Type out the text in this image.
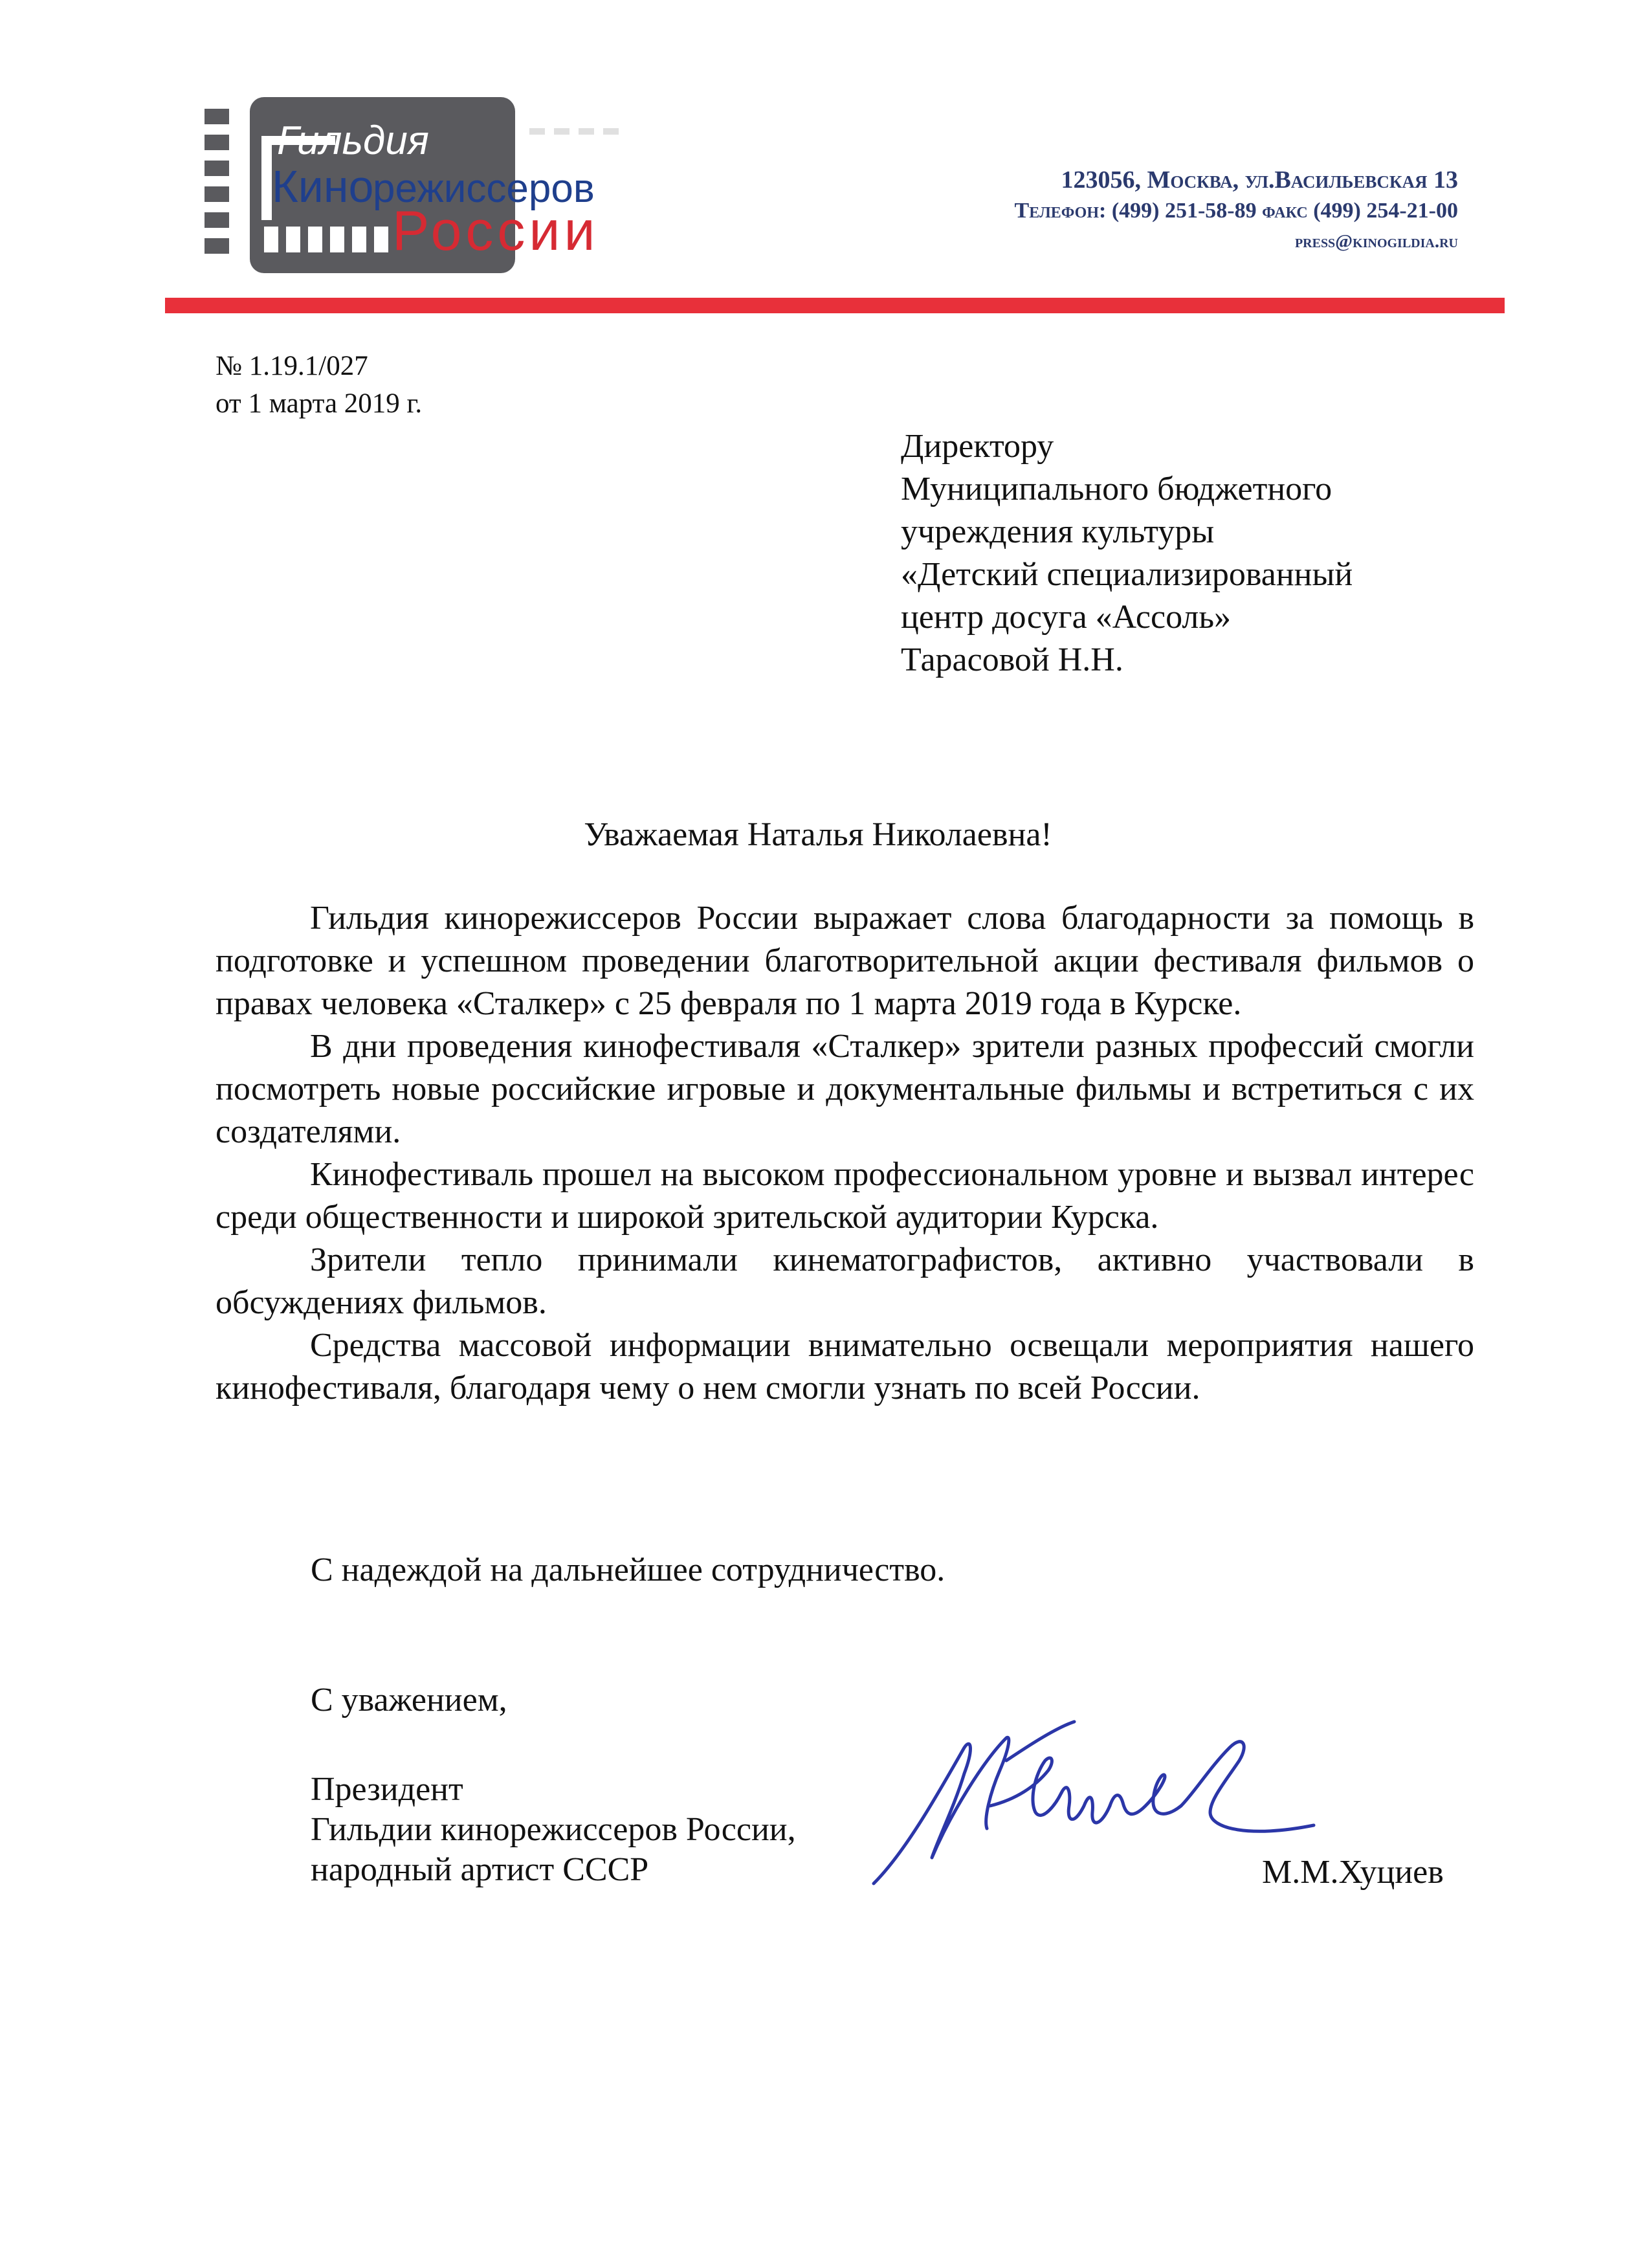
Гильдия
Кино
режиссеров
России
123056, Москва, ул.Васильевская 13
Телефон: (499) 251-58-89 факс (499) 254-21-00
press@kinogildia.ru
№ 1.19.1/027
от 1 марта 2019 г.
Директору
Муниципального бюджетного
учреждения культуры
«Детский специализированный
центр досуга «Ассоль»
Тарасовой Н.Н.
Уважаемая Наталья Николаевна!

Гильдия кинорежиссеров России выражает слова благодарности за помощь в подготовке и успешном проведении благотворительной акции фестиваля фильмов о правах человека «Сталкер» с 25 февраля по 1 марта 2019 года в Курске.

В дни проведения кинофестиваля «Сталкер» зрители разных профессий смогли посмотреть новые российские игровые и документальные фильмы и встретиться с их создателями.

Кинофестиваль прошел на высоком профессиональном уровне и вызвал интерес среди общественности и широкой зрительской аудитории Курска.

Зрители тепло принимали кинематографистов, активно участвовали в обсуждениях фильмов.

Средства массовой информации внимательно освещали мероприятия нашего кинофестиваля, благодаря чему о нем смогли узнать по всей России.

С надеждой на дальнейшее сотрудничество.
С уважением,
Президент
Гильдии кинорежиссеров России,
народный артист СССР	М.М.Хуциев
